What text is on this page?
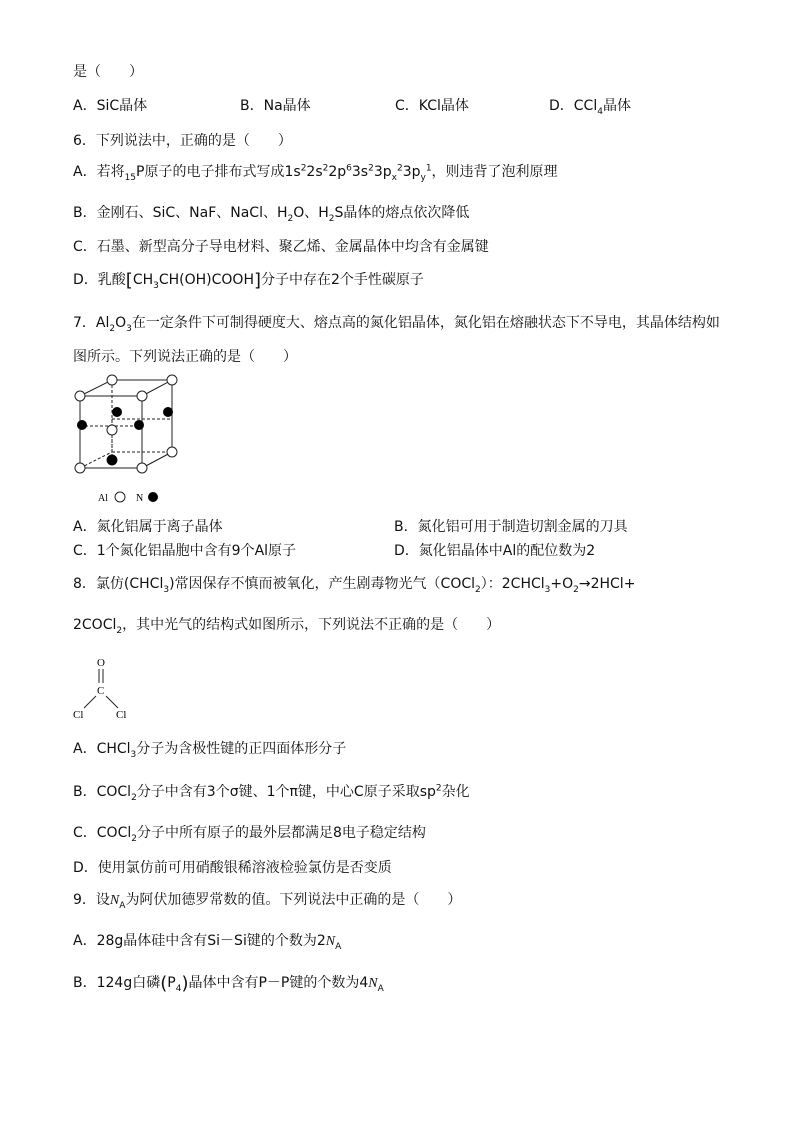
是（　　）
A．SiC晶体	B．Na晶体	C．KCl晶体	D．CCl$_4$晶体
6．下列说法中，正确的是（　　）
A．若将$_{15}$P原子的电子排布式写成$1s^22s^22p^63s^23p_x^23p_y^1$，则违背了泡利原理
B．金刚石、SiC、NaF、NaCl、$H_2O$、$H_2S$晶体的熔点依次降低
C．石墨、新型高分子导电材料、聚乙烯、金属晶体中均含有金属键
D．乳酸$[CH_3CH(OH)COOH]$分子中存在2个手性碳原子
7．$Al_2O_3$在一定条件下可制得硬度大、熔点高的氮化铝晶体，氮化铝在熔融状态下不导电，其晶体结构如
图所示。下列说法正确的是（　　）
Al	N
A．氮化铝属于离子晶体	B．氮化铝可用于制造切割金属的刀具
C．1个氮化铝晶胞中含有9个Al原子	D．氮化铝晶体中Al的配位数为2
8．氯仿(CHCl$_3$)常因保存不慎而被氧化，产生剧毒物光气（COCl$_2$）：$2CHCl_3+O_2\to 2HCl+$
2COCl$_2$，其中光气的结构式如图所示，下列说法不正确的是（　　）
O
C
Cl	Cl
A．CHCl$_3$分子为含极性键的正四面体形分子
B．COCl$_2$分子中含有3个σ键、1个π键，中心C原子采取$sp^2$杂化
C．COCl$_2$分子中所有原子的最外层都满足8电子稳定结构
D．使用氯仿前可用硝酸银稀溶液检验氯仿是否变质
9．设$N_A$为阿伏加德罗常数的值。下列说法中正确的是（　　）
A．28g晶体硅中含有Si－Si键的个数为$2N_A$
B．124g白磷$(P_4)$晶体中含有P－P键的个数为$4N_A$
